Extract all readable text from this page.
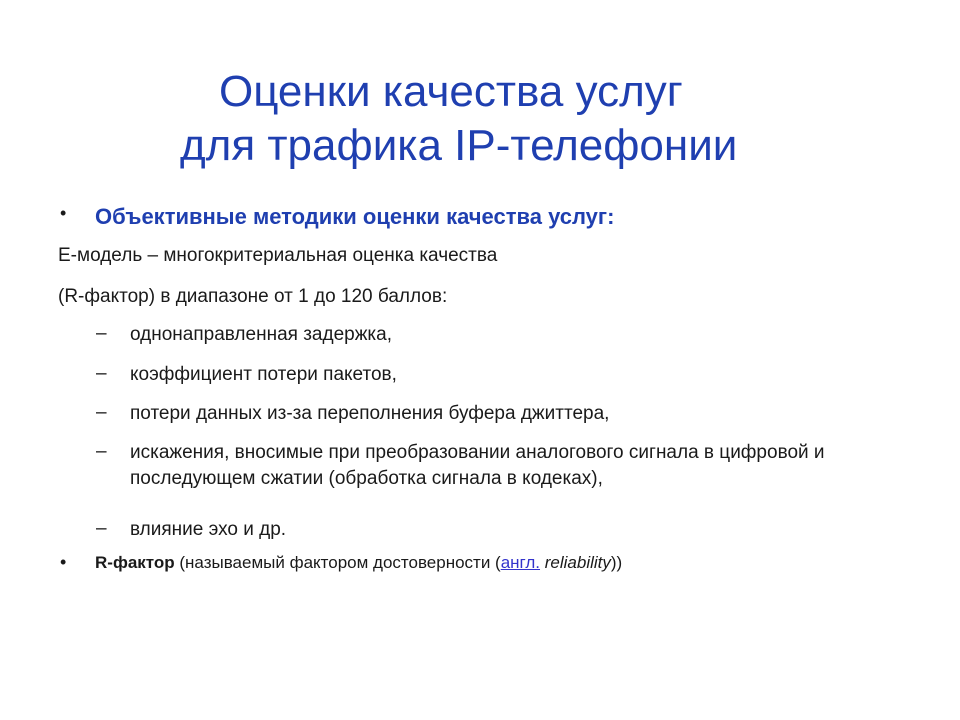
Оценки качества услуг
для трафика IP-телефонии
• Объективные методики оценки качества услуг:
Е-модель – многокритериальная оценка качества
(R-фактор) в диапазоне от 1 до 120 баллов:
– однонаправленная задержка,
– коэффициент потери пакетов,
– потери данных из-за переполнения буфера джиттера,
– искажения, вносимые при преобразовании аналогового сигнала в цифровой и последующем сжатии (обработка сигнала в кодеках),
– влияние эхо и др.
• R-фактор (называемый фактором достоверности (англ. reliability))
